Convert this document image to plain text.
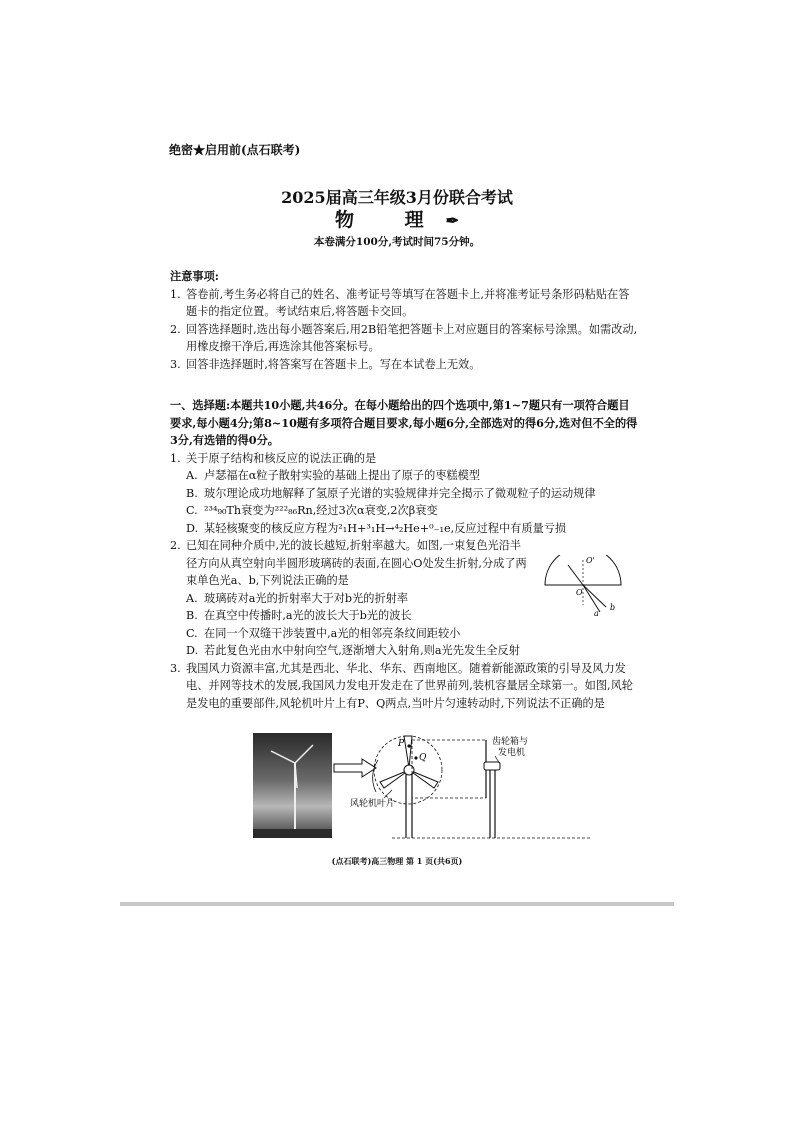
绝密★启用前(点石联考)
2025届高三年级3月份联合考试
物 理✒
本卷满分100分,考试时间75分钟。
注意事项:
1. 答卷前,考生务必将自己的姓名、准考证号等填写在答题卡上,并将准考证号条形码粘贴在答题卡的指定位置。考试结束后,将答题卡交回。
2. 回答选择题时,选出每小题答案后,用2B铅笔把答题卡上对应题目的答案标号涂黑。如需改动,用橡皮擦干净后,再选涂其他答案标号。
3. 回答非选择题时,将答案写在答题卡上。写在本试卷上无效。
一、选择题:本题共10小题,共46分。在每小题给出的四个选项中,第1~7题只有一项符合题目要求,每小题4分;第8~10题有多项符合题目要求,每小题6分,全部选对的得6分,选对但不全的得3分,有选错的得0分。
1. 关于原子结构和核反应的说法正确的是
A. 卢瑟福在α粒子散射实验的基础上提出了原子的枣糕模型
B. 玻尔理论成功地解释了氢原子光谱的实验规律并完全揭示了微观粒子的运动规律
C. ²³⁴₉₀Th衰变为²²²₈₆Rn,经过3次α衰变,2次β衰变
D. 某轻核聚变的核反应方程为²₁H+³₁H→⁴₂He+⁰₋₁e,反应过程中有质量亏损
2. 已知在同种介质中,光的波长越短,折射率越大。如图,一束复色光沿半径方向从真空射向半圆形玻璃砖的表面,在圆心O处发生折射,分成了两束单色光a、b,下列说法正确的是
A. 玻璃砖对a光的折射率大于对b光的折射率
B. 在真空中传播时,a光的波长大于b光的波长
C. 在同一个双缝干涉装置中,a光的相邻亮条纹间距较小
D. 若此复色光由水中射向空气,逐渐增大入射角,则a光先发生全反射
3. 我国风力资源丰富,尤其是西北、华北、华东、西南地区。随着新能源政策的引导及风力发电、并网等技术的发展,我国风力发电开发走在了世界前列,装机容量居全球第一。如图,风轮是发电的重要部件,风轮机叶片上有P、Q两点,当叶片匀速转动时,下列说法不正确的是
O'
O
a
b
P
Q
齿轮箱与
发电机
风轮机叶片
(点石联考)高三物理 第 1 页(共6页)
